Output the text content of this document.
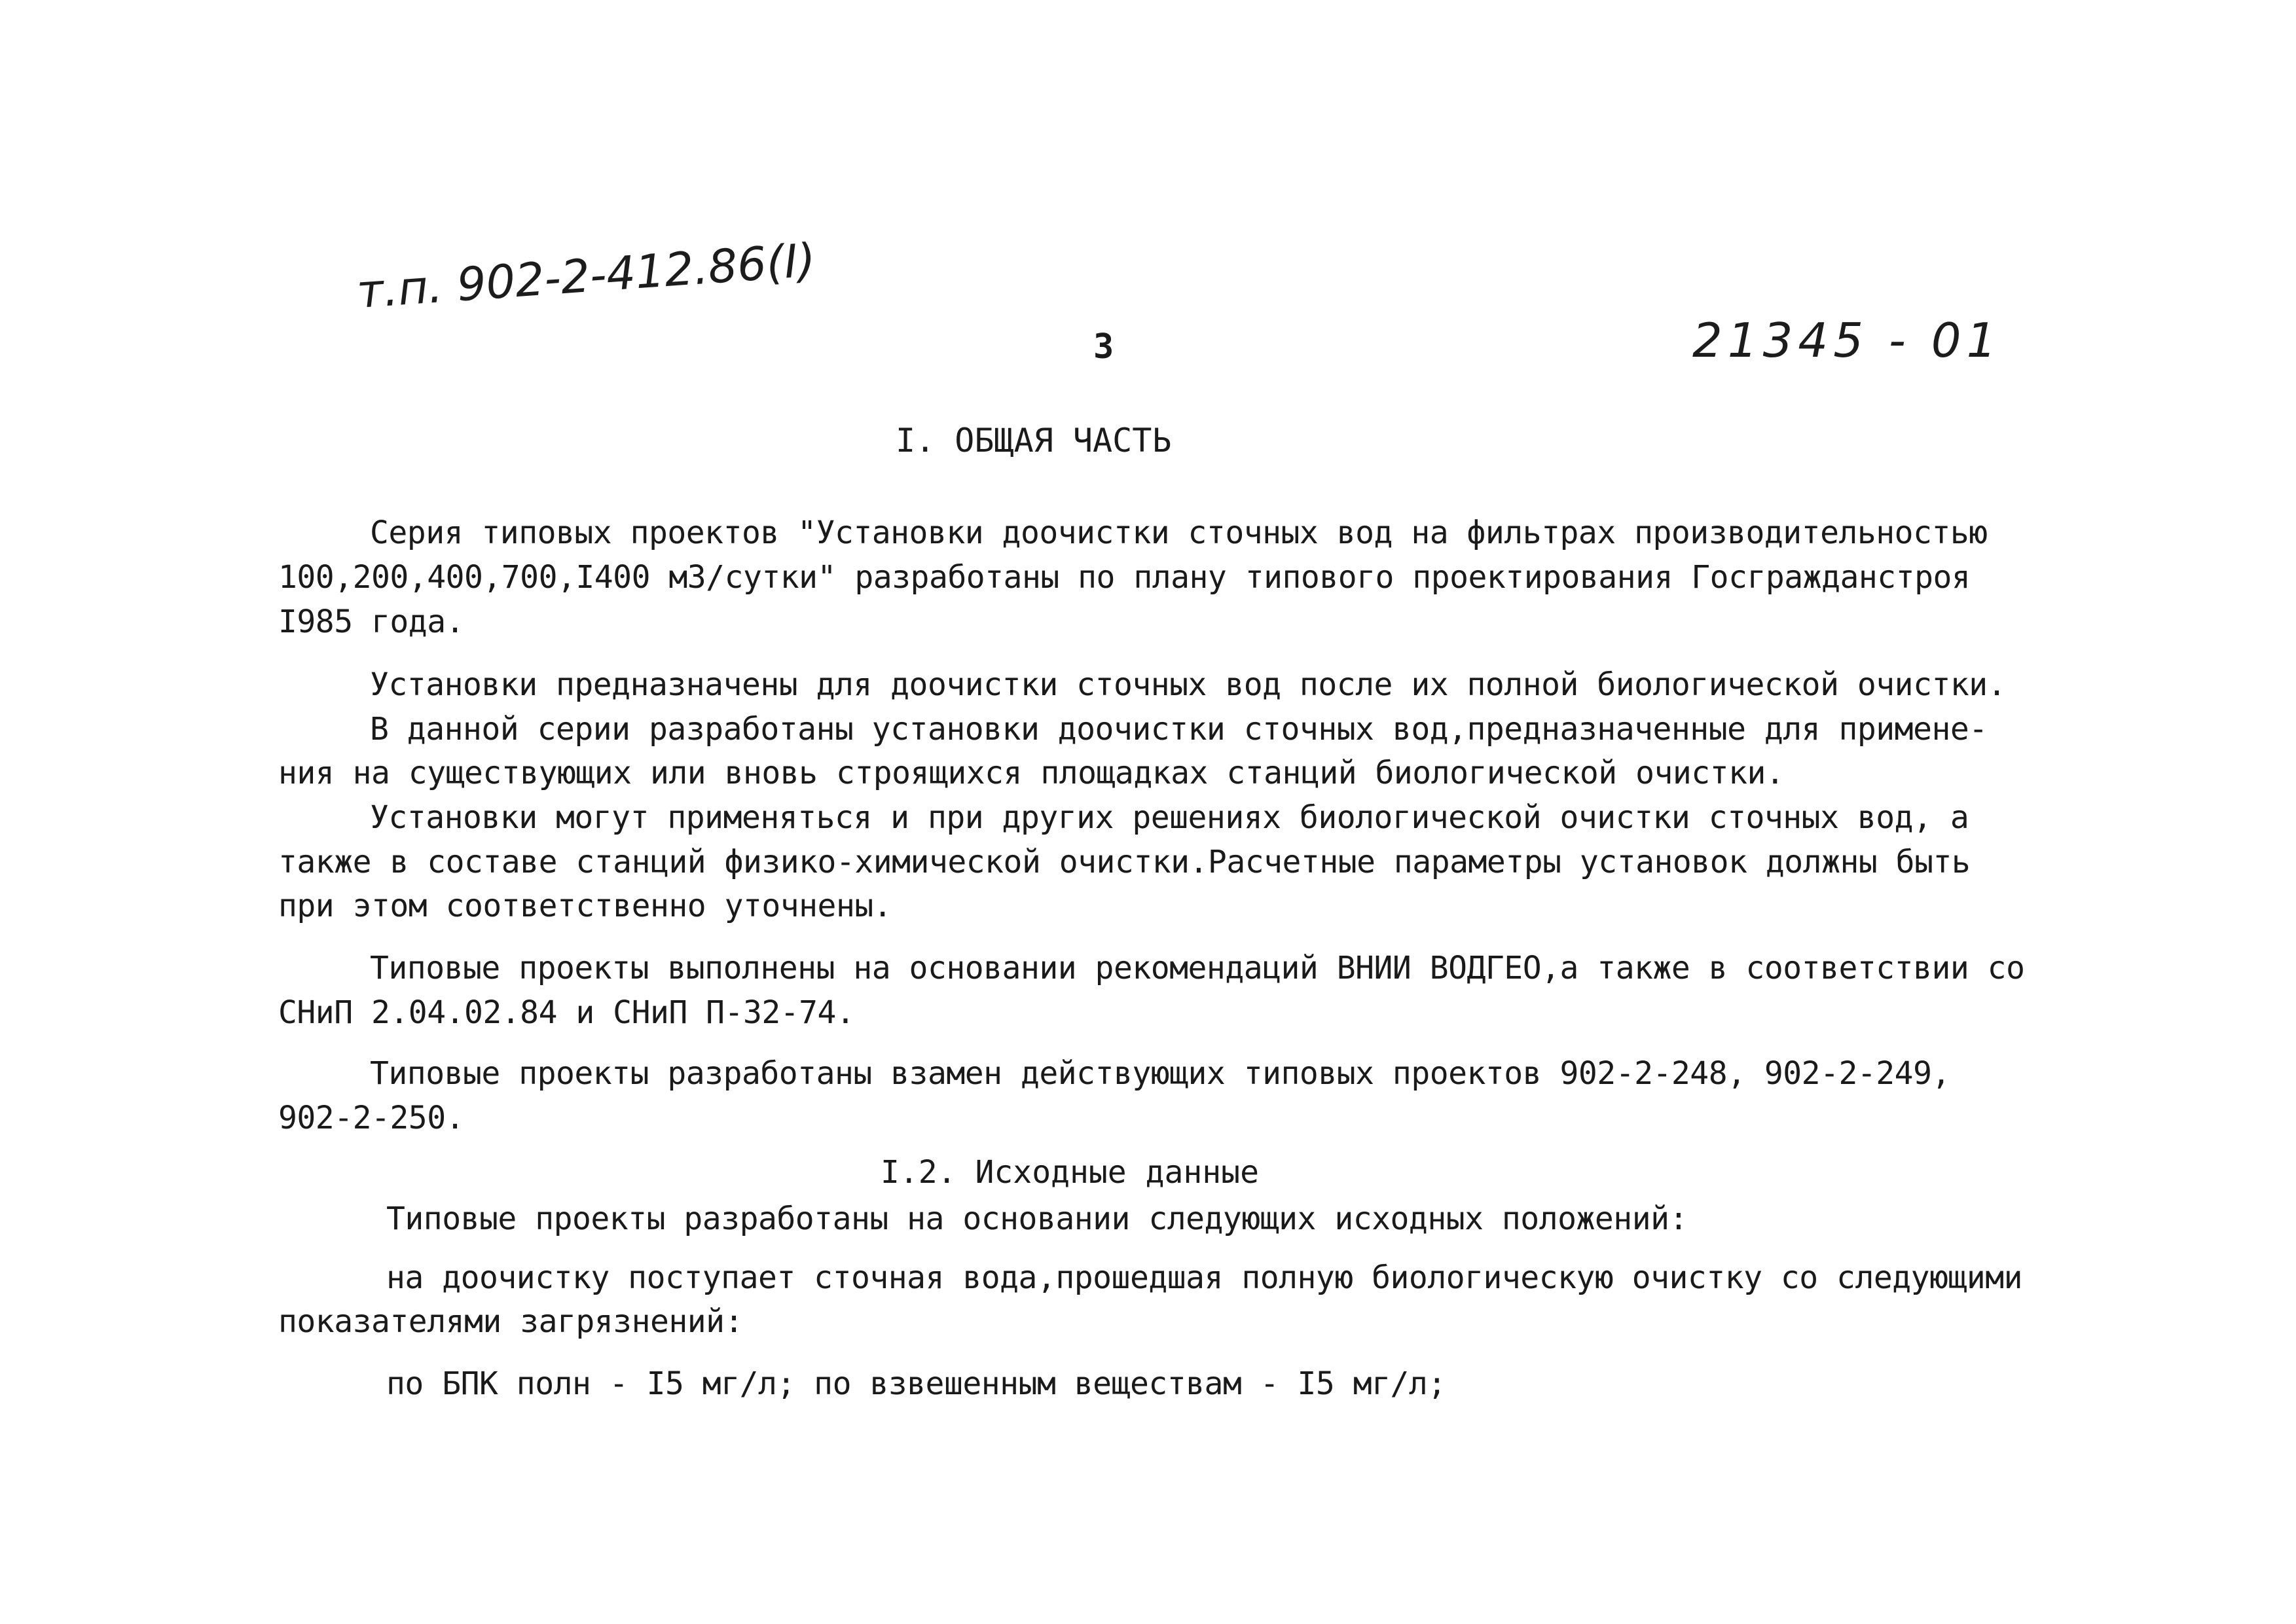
т.п. 902-2-412.86(I)
3	21345 - 01
I. ОБЩАЯ ЧАСТЬ
Серия типовых проектов "Установки доочистки сточных вод на фильтрах производительностью
100,200,400,700,I400 м3/сутки" разработаны по плану типового проектирования Госгражданстроя
I985 года.
Установки предназначены для доочистки сточных вод после их полной биологической очистки.
В данной серии разработаны установки доочистки сточных вод,предназначенные для примене-
ния на существующих или вновь строящихся площадках станций биологической очистки.
Установки могут применяться и при других решениях биологической очистки сточных вод, а
также в составе станций физико-химической очистки.Расчетные параметры установок должны быть
при этом соответственно уточнены.
Типовые проекты выполнены на основании рекомендаций ВНИИ ВОДГЕО,а также в соответствии со
СНиП 2.04.02.84 и СНиП П-32-74.
Типовые проекты разработаны взамен действующих типовых проектов 902-2-248, 902-2-249,
902-2-250.
I.2. Исходные данные
Типовые проекты разработаны на основании следующих исходных положений:
на доочистку поступает сточная вода,прошедшая полную биологическую очистку со следующими
показателями загрязнений:
по БПК полн - I5 мг/л; по взвешенным веществам - I5 мг/л;
